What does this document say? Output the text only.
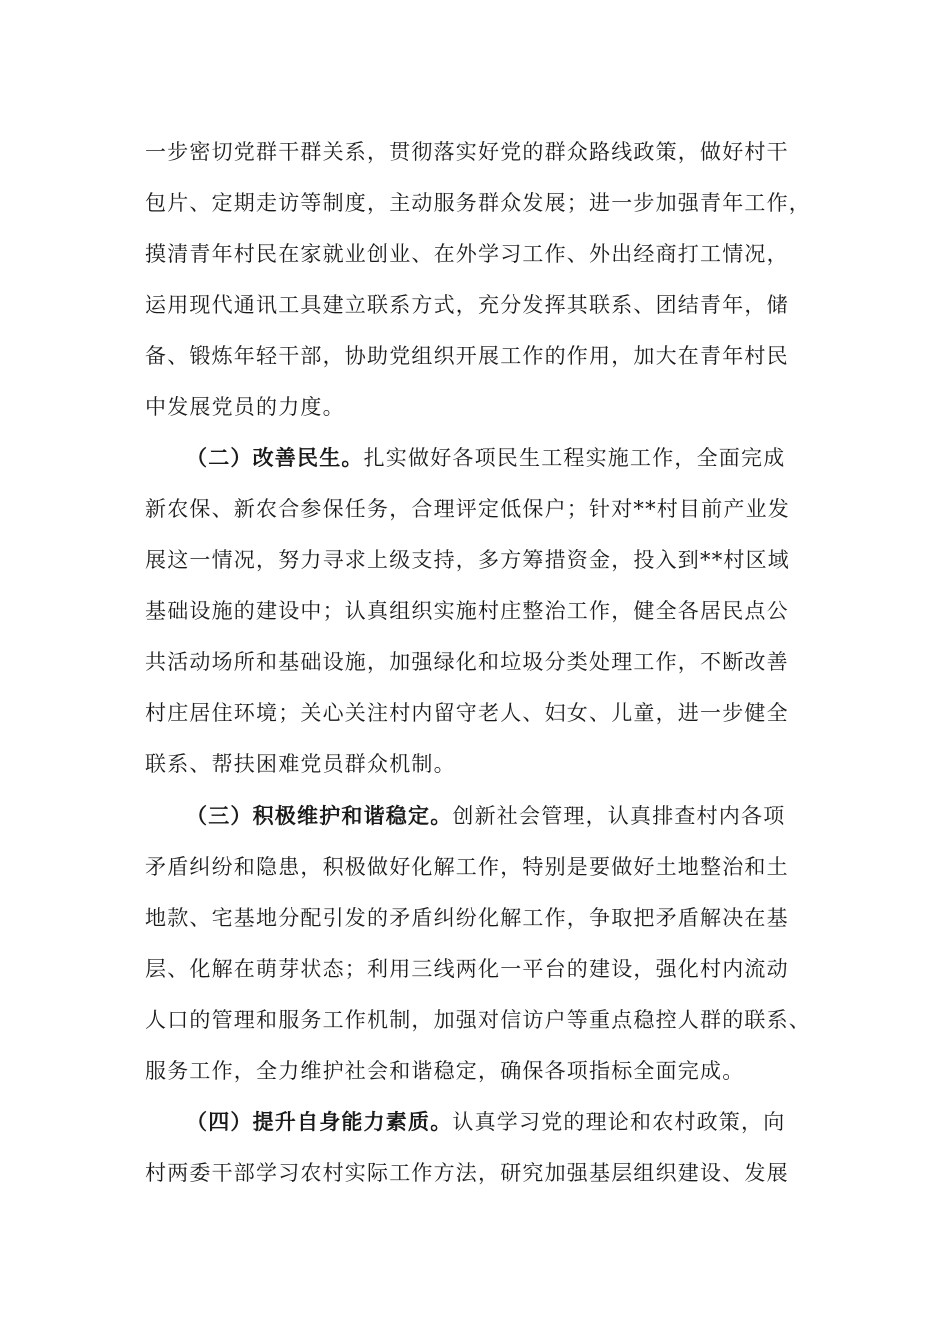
一步密切党群干群关系，贯彻落实好党的群众路线政策，做好村干
包片、定期走访等制度，主动服务群众发展；进一步加强青年工作，
摸清青年村民在家就业创业、在外学习工作、外出经商打工情况，
运用现代通讯工具建立联系方式，充分发挥其联系、团结青年，储
备、锻炼年轻干部，协助党组织开展工作的作用，加大在青年村民
中发展党员的力度。
（二）改善民生。扎实做好各项民生工程实施工作，全面完成
新农保、新农合参保任务，合理评定低保户；针对**村目前产业发
展这一情况，努力寻求上级支持，多方筹措资金，投入到**村区域
基础设施的建设中；认真组织实施村庄整治工作，健全各居民点公
共活动场所和基础设施，加强绿化和垃圾分类处理工作，不断改善
村庄居住环境；关心关注村内留守老人、妇女、儿童，进一步健全
联系、帮扶困难党员群众机制。
（三）积极维护和谐稳定。创新社会管理，认真排查村内各项
矛盾纠纷和隐患，积极做好化解工作，特别是要做好土地整治和土
地款、宅基地分配引发的矛盾纠纷化解工作，争取把矛盾解决在基
层、化解在萌芽状态；利用三线两化一平台的建设，强化村内流动
人口的管理和服务工作机制，加强对信访户等重点稳控人群的联系、
服务工作，全力维护社会和谐稳定，确保各项指标全面完成。
（四）提升自身能力素质。认真学习党的理论和农村政策，向
村两委干部学习农村实际工作方法，研究加强基层组织建设、发展
